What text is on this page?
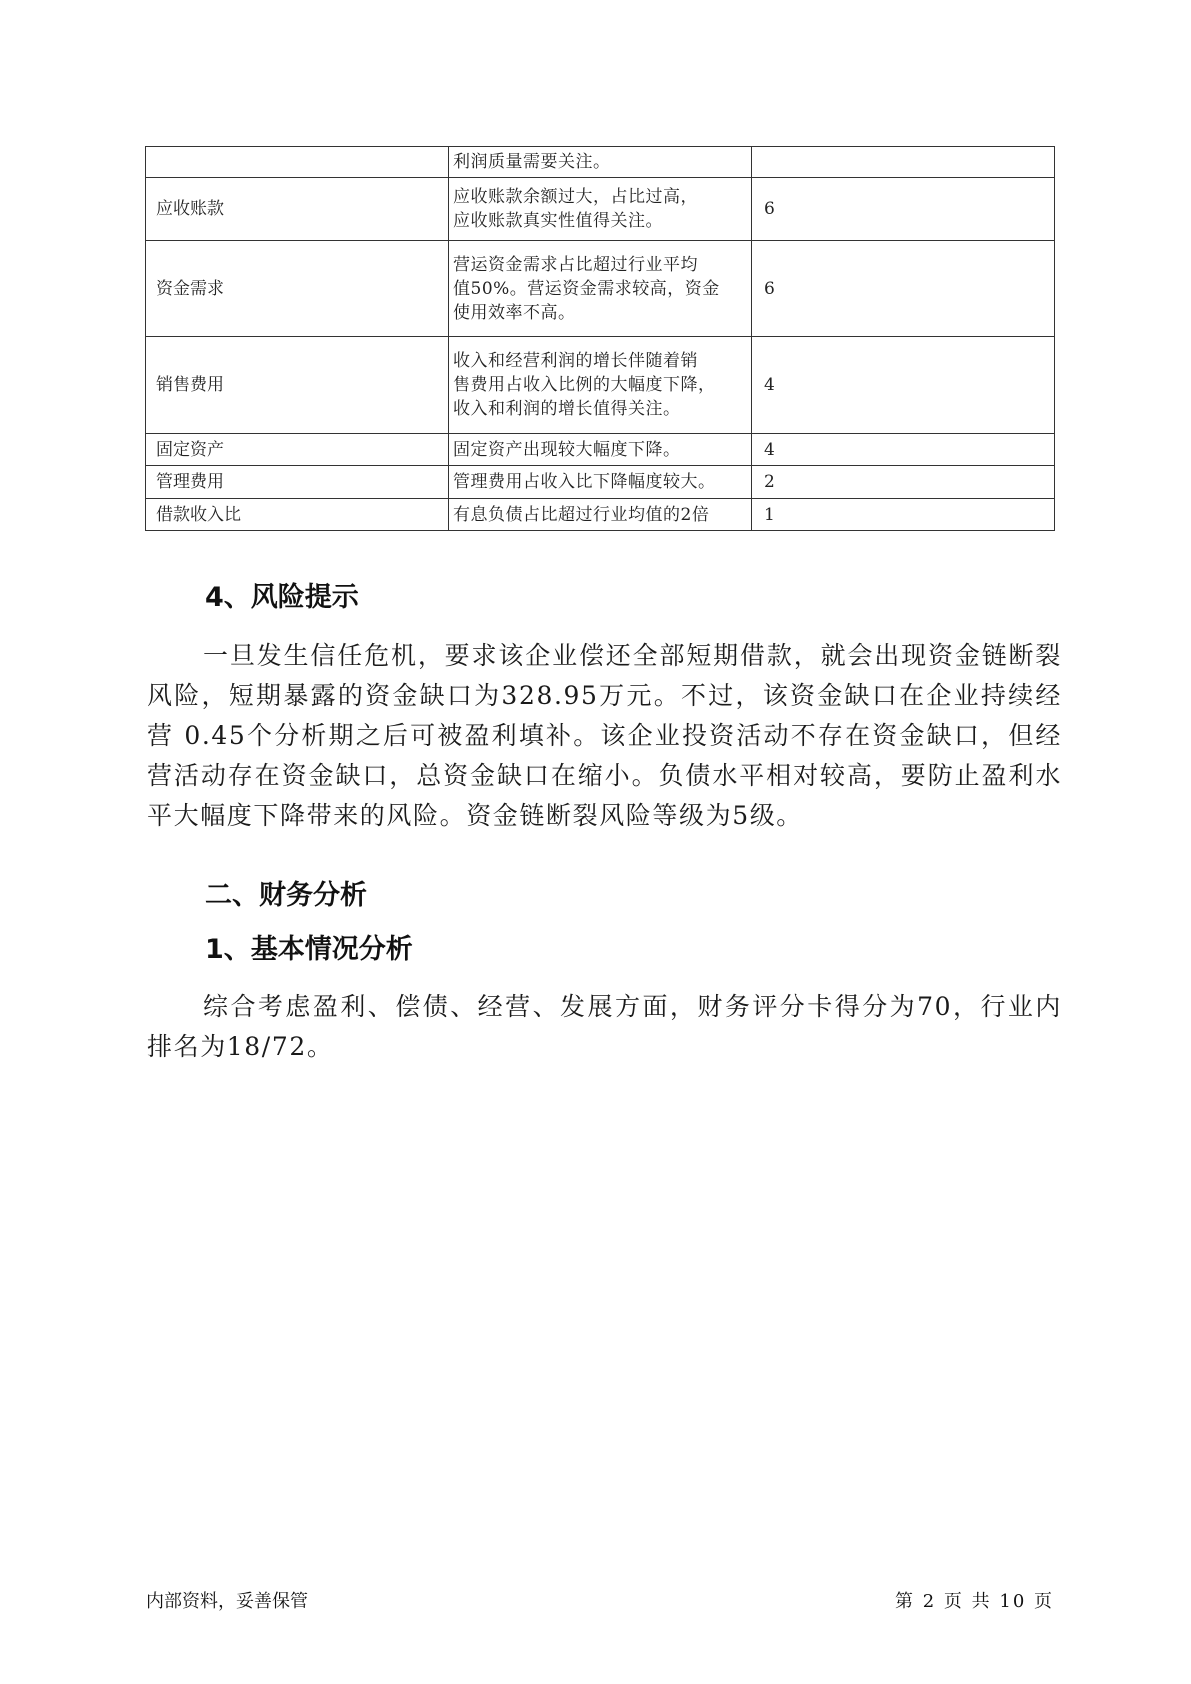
	利润质量需要关注。	
应收账款	应收账款余额过大，占比过高，
应收账款真实性值得关注。	6
资金需求	营运资金需求占比超过行业平均
值50%。营运资金需求较高，资金
使用效率不高。	6
销售费用	收入和经营利润的增长伴随着销
售费用占收入比例的大幅度下降，
收入和利润的增长值得关注。	4
固定资产	固定资产出现较大幅度下降。	4
管理费用	管理费用占收入比下降幅度较大。	2
借款收入比	有息负债占比超过行业均值的2倍	1
4、风险提示

一旦发生信任危机，要求该企业偿还全部短期借款，就会出现资金链断裂风险，短期暴露的资金缺口为328.95万元。不过，该资金缺口在企业持续经营 0.45个分析期之后可被盈利填补。该企业投资活动不存在资金缺口，但经营活动存在资金缺口，总资金缺口在缩小。负债水平相对较高，要防止盈利水平大幅度下降带来的风险。资金链断裂风险等级为5级。

二、财务分析
1、基本情况分析

综合考虑盈利、偿债、经营、发展方面，财务评分卡得分为70，行业内排名为18/72。

内部资料，妥善保管	第 2 页 共 10 页
